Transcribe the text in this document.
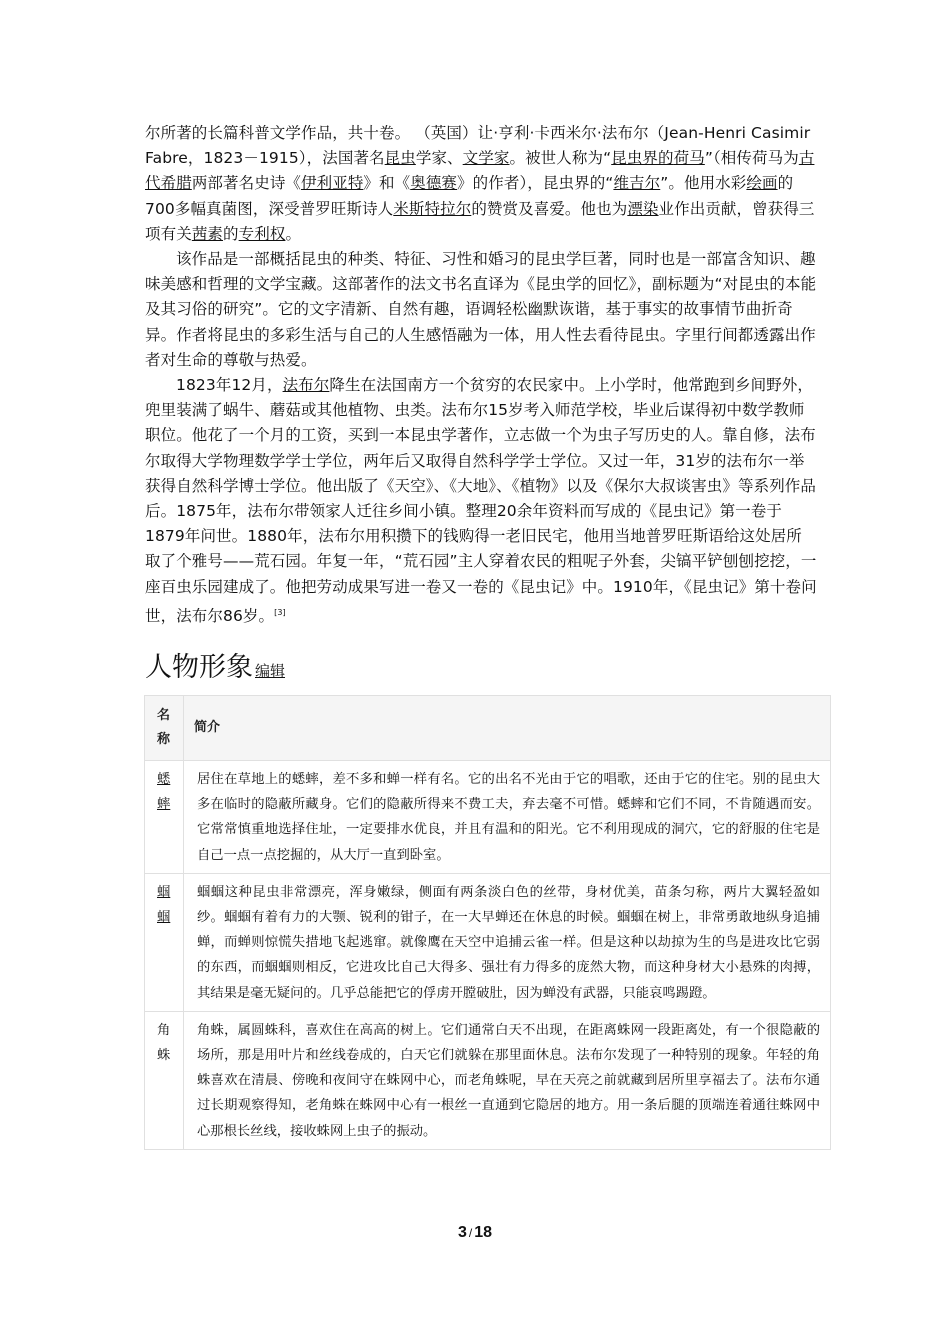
尔所著的长篇科普文学作品，共十卷。 （英国）让·亨利·卡西米尔·法布尔（Jean-Henri Casimir Fabre，1823－1915），法国著名昆虫学家、文学家。被世人称为“昆虫界的荷马”（相传荷马为古代希腊两部著名史诗《伊利亚特》和《奥德赛》的作者），昆虫界的“维吉尔”。他用水彩绘画的700多幅真菌图，深受普罗旺斯诗人米斯特拉尔的赞赏及喜爱。他也为漂染业作出贡献，曾获得三项有关茜素的专利权。

该作品是一部概括昆虫的种类、特征、习性和婚习的昆虫学巨著，同时也是一部富含知识、趣味美感和哲理的文学宝藏。这部著作的法文书名直译为《昆虫学的回忆》，副标题为“对昆虫的本能及其习俗的研究”。它的文字清新、自然有趣，语调轻松幽默诙谐，基于事实的故事情节曲折奇异。作者将昆虫的多彩生活与自己的人生感悟融为一体，用人性去看待昆虫。字里行间都透露出作者对生命的尊敬与热爱。

1823年12月，法布尔降生在法国南方一个贫穷的农民家中。上小学时，他常跑到乡间野外，兜里装满了蜗牛、蘑菇或其他植物、虫类。法布尔15岁考入师范学校，毕业后谋得初中数学教师职位。他花了一个月的工资，买到一本昆虫学著作，立志做一个为虫子写历史的人。靠自修，法布尔取得大学物理数学学士学位，两年后又取得自然科学学士学位。又过一年，31岁的法布尔一举获得自然科学博士学位。他出版了《天空》、《大地》、《植物》以及《保尔大叔谈害虫》等系列作品后。1875年，法布尔带领家人迁往乡间小镇。整理20余年资料而写成的《昆虫记》第一卷于1879年问世。1880年，法布尔用积攒下的钱购得一老旧民宅，他用当地普罗旺斯语给这处居所取了个雅号——荒石园。年复一年，“荒石园”主人穿着农民的粗呢子外套，尖镐平铲刨刨挖挖，一座百虫乐园建成了。他把劳动成果写进一卷又一卷的《昆虫记》中。1910年，《昆虫记》第十卷问世，法布尔86岁。[3]

人物形象 编辑
名称	简介

蟋蟀	居住在草地上的蟋蟀，差不多和蝉一样有名。它的出名不光由于它的唱歌，还由于它的住宅。别的昆虫大多在临时的隐蔽所藏身。它们的隐蔽所得来不费工夫，弃去毫不可惜。蟋蟀和它们不同，不肯随遇而安。它常常慎重地选择住址，一定要排水优良，并且有温和的阳光。它不利用现成的洞穴，它的舒服的住宅是自己一点一点挖掘的，从大厅一直到卧室。

蝈蝈	蝈蝈这种昆虫非常漂亮，浑身嫩绿，侧面有两条淡白色的丝带，身材优美，苗条匀称，两片大翼轻盈如纱。蝈蝈有着有力的大颚、锐利的钳子，在一大早蝉还在休息的时候。蝈蝈在树上，非常勇敢地纵身追捕蝉，而蝉则惊慌失措地飞起逃窜。就像鹰在天空中追捕云雀一样。但是这种以劫掠为生的鸟是进攻比它弱的东西，而蝈蝈则相反，它进攻比自己大得多、强壮有力得多的庞然大物，而这种身材大小悬殊的肉搏，其结果是毫无疑问的。几乎总能把它的俘虏开膛破肚，因为蝉没有武器，只能哀鸣踢蹬。

角蛛	角蛛，属圆蛛科，喜欢住在高高的树上。它们通常白天不出现，在距离蛛网一段距离处，有一个很隐蔽的场所，那是用叶片和丝线卷成的，白天它们就躲在那里面休息。法布尔发现了一种特别的现象。年轻的角蛛喜欢在清晨、傍晚和夜间守在蛛网中心，而老角蛛呢，早在天亮之前就藏到居所里享福去了。法布尔通过长期观察得知，老角蛛在蛛网中心有一根丝一直通到它隐居的地方。用一条后腿的顶端连着通往蛛网中心那根长丝线，接收蛛网上虫子的振动。
3 / 18
